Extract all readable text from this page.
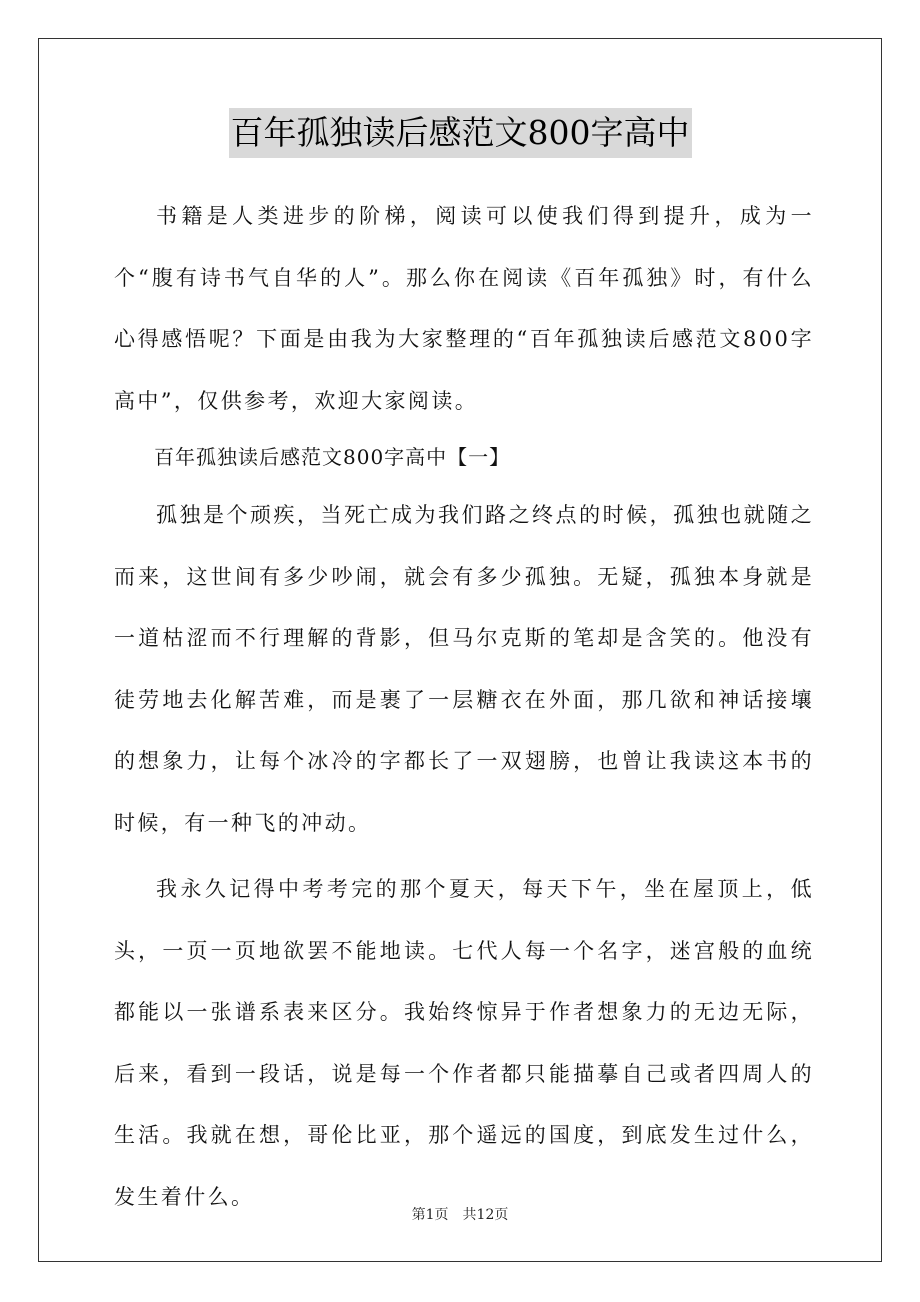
百年孤独读后感范文800字高中

书籍是人类进步的阶梯，阅读可以使我们得到提升，成为一个“腹有诗书气自华的人”。那么你在阅读《百年孤独》时，有什么心得感悟呢？下面是由我为大家整理的“百年孤独读后感范文800字高中”，仅供参考，欢迎大家阅读。

百年孤独读后感范文800字高中【一】

孤独是个顽疾，当死亡成为我们路之终点的时候，孤独也就随之而来，这世间有多少吵闹，就会有多少孤独。无疑，孤独本身就是一道枯涩而不行理解的背影，但马尔克斯的笔却是含笑的。他没有徒劳地去化解苦难，而是裹了一层糖衣在外面，那几欲和神话接壤的想象力，让每个冰冷的字都长了一双翅膀，也曾让我读这本书的时候，有一种飞的冲动。

我永久记得中考考完的那个夏天，每天下午，坐在屋顶上，低头，一页一页地欲罢不能地读。七代人每一个名字，迷宫般的血统都能以一张谱系表来区分。我始终惊异于作者想象力的无边无际，后来，看到一段话，说是每一个作者都只能描摹自己或者四周人的生活。我就在想，哥伦比亚，那个遥远的国度，到底发生过什么，发生着什么。

第1页 共12页
